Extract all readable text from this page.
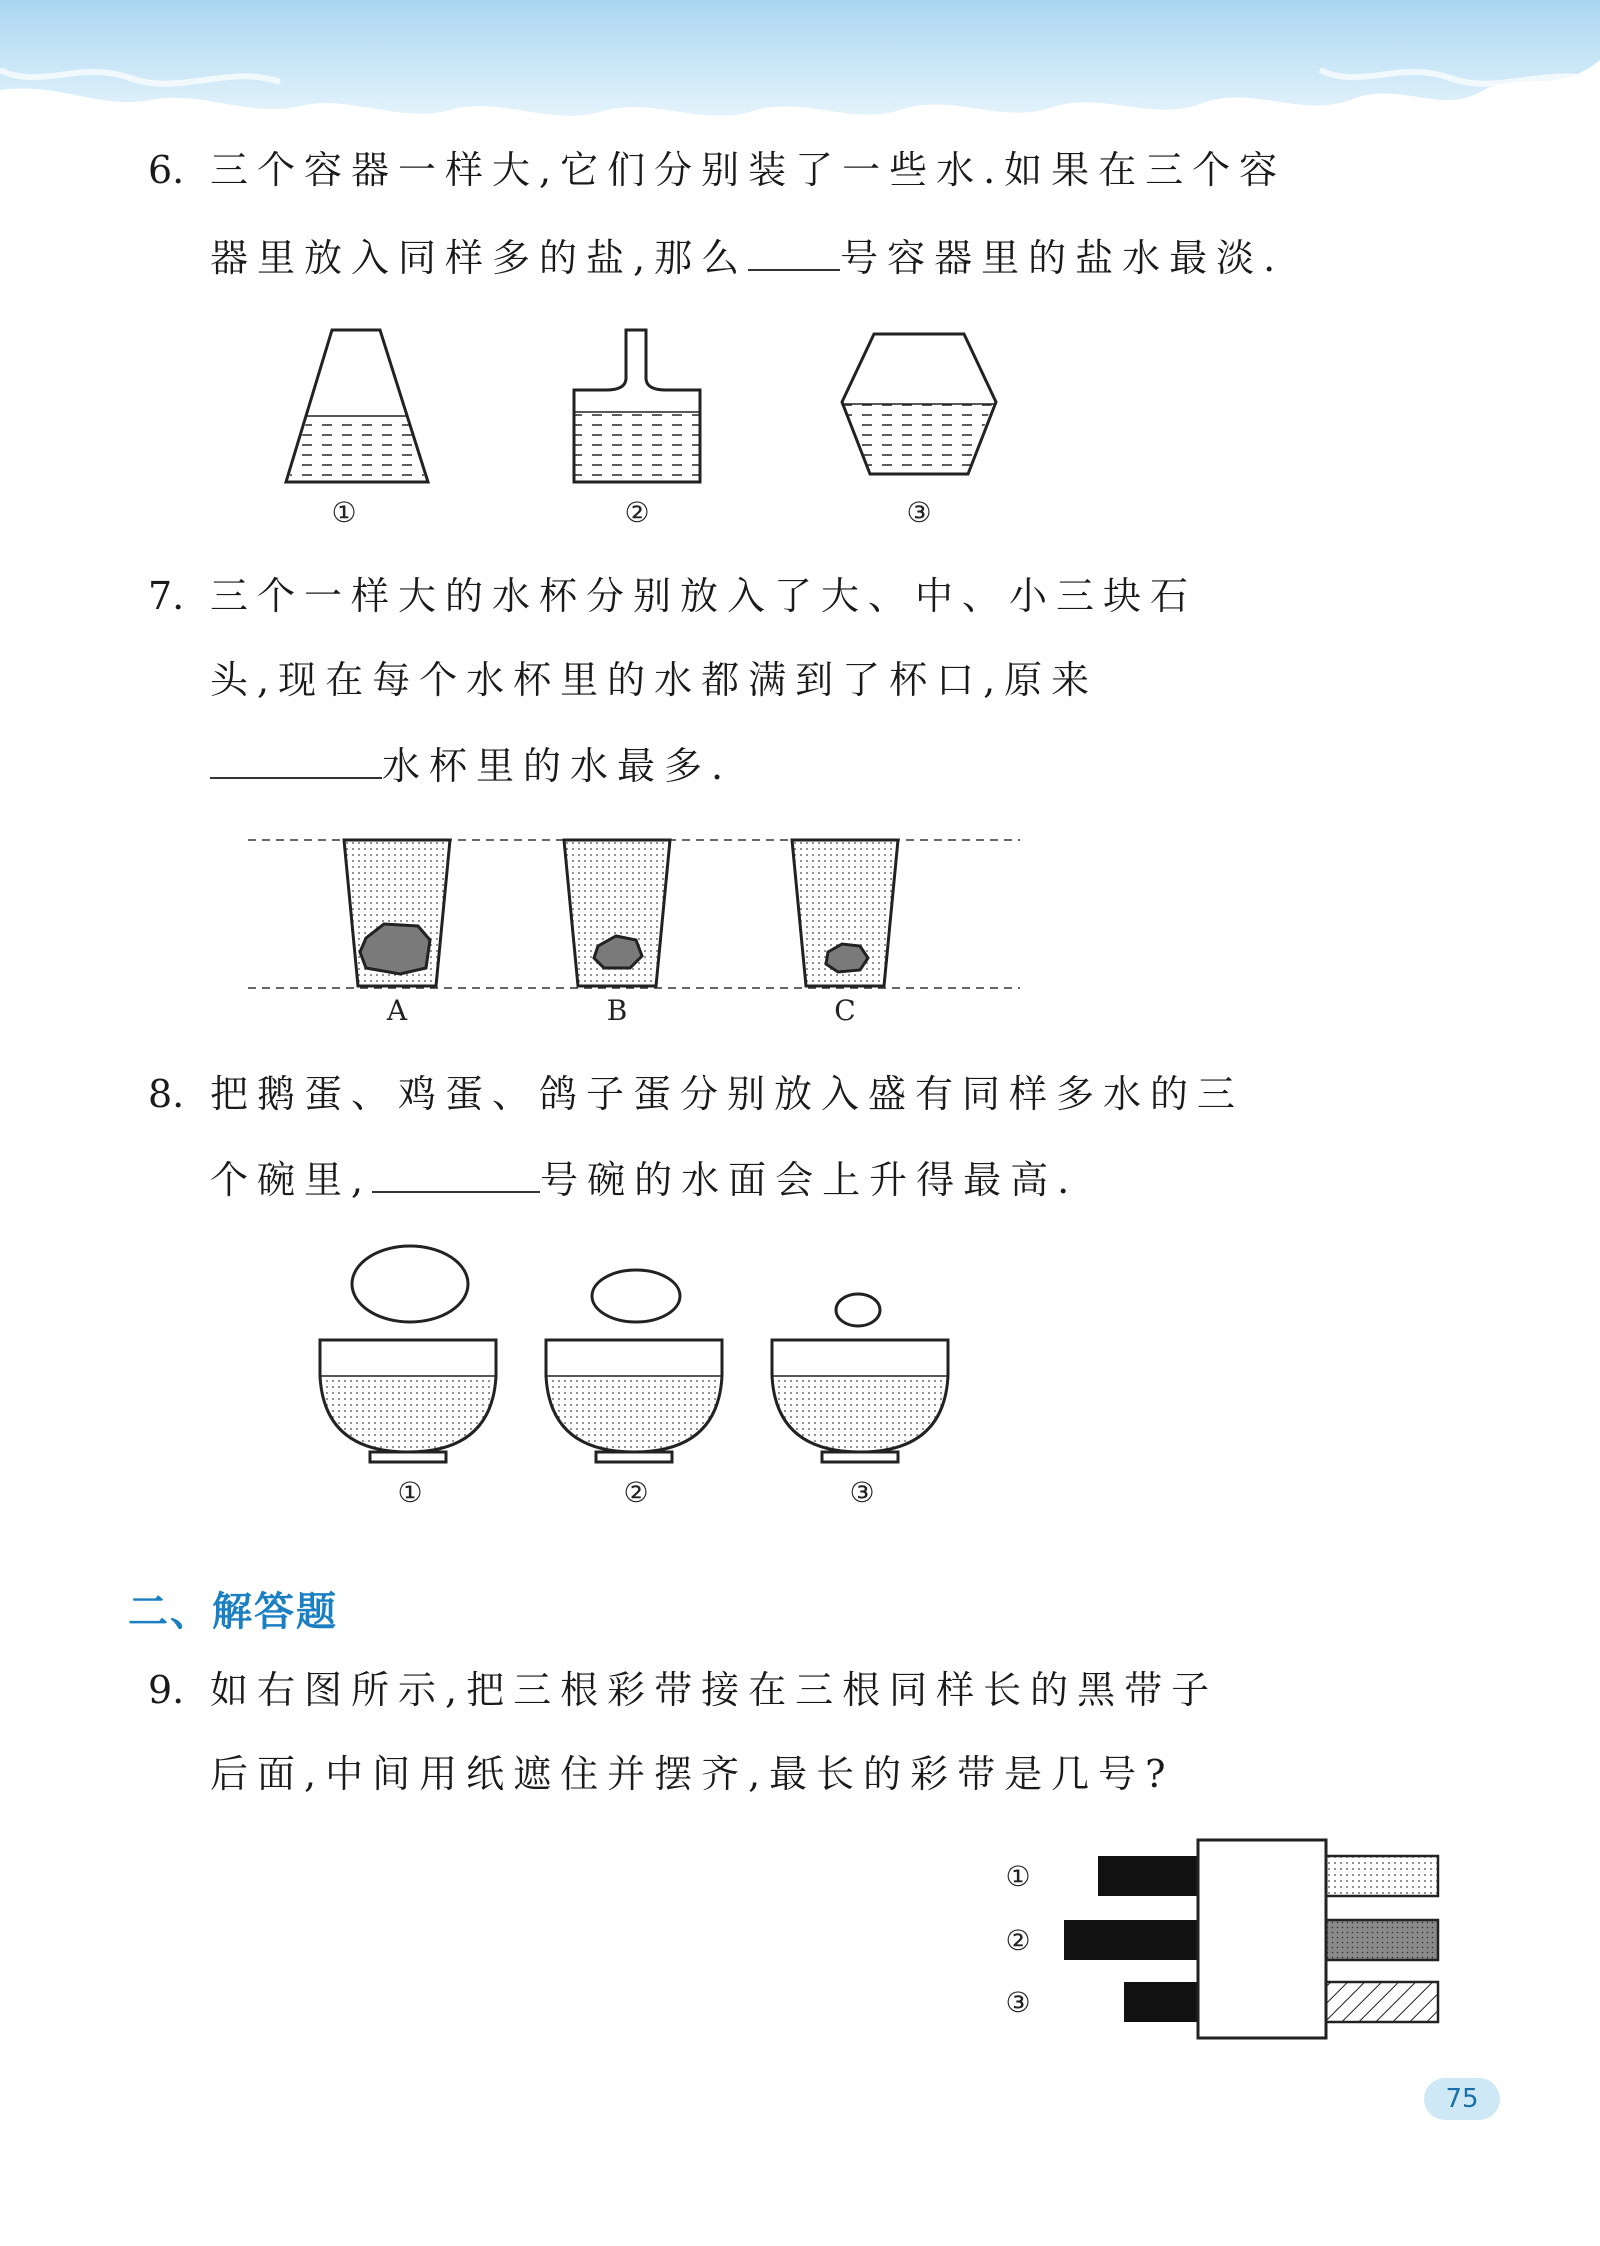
6. 三个容器一样大,它们分别装了一些水.如果在三个容
器里放入同样多的盐,那么 号容器里的盐水最淡.
①	②	③
7. 三个一样大的水杯分别放入了大、中、小三块石
头,现在每个水杯里的水都满到了杯口,原来
水杯里的水最多.
A	B	C
8. 把鹅蛋、鸡蛋、鸽子蛋分别放入盛有同样多水的三
个碗里,	号碗的水面会上升得最高.
①	②	③
二、解答题
9. 如右图所示,把三根彩带接在三根同样长的黑带子
后面,中间用纸遮住并摆齐,最长的彩带是几号?
①
②
③
75
